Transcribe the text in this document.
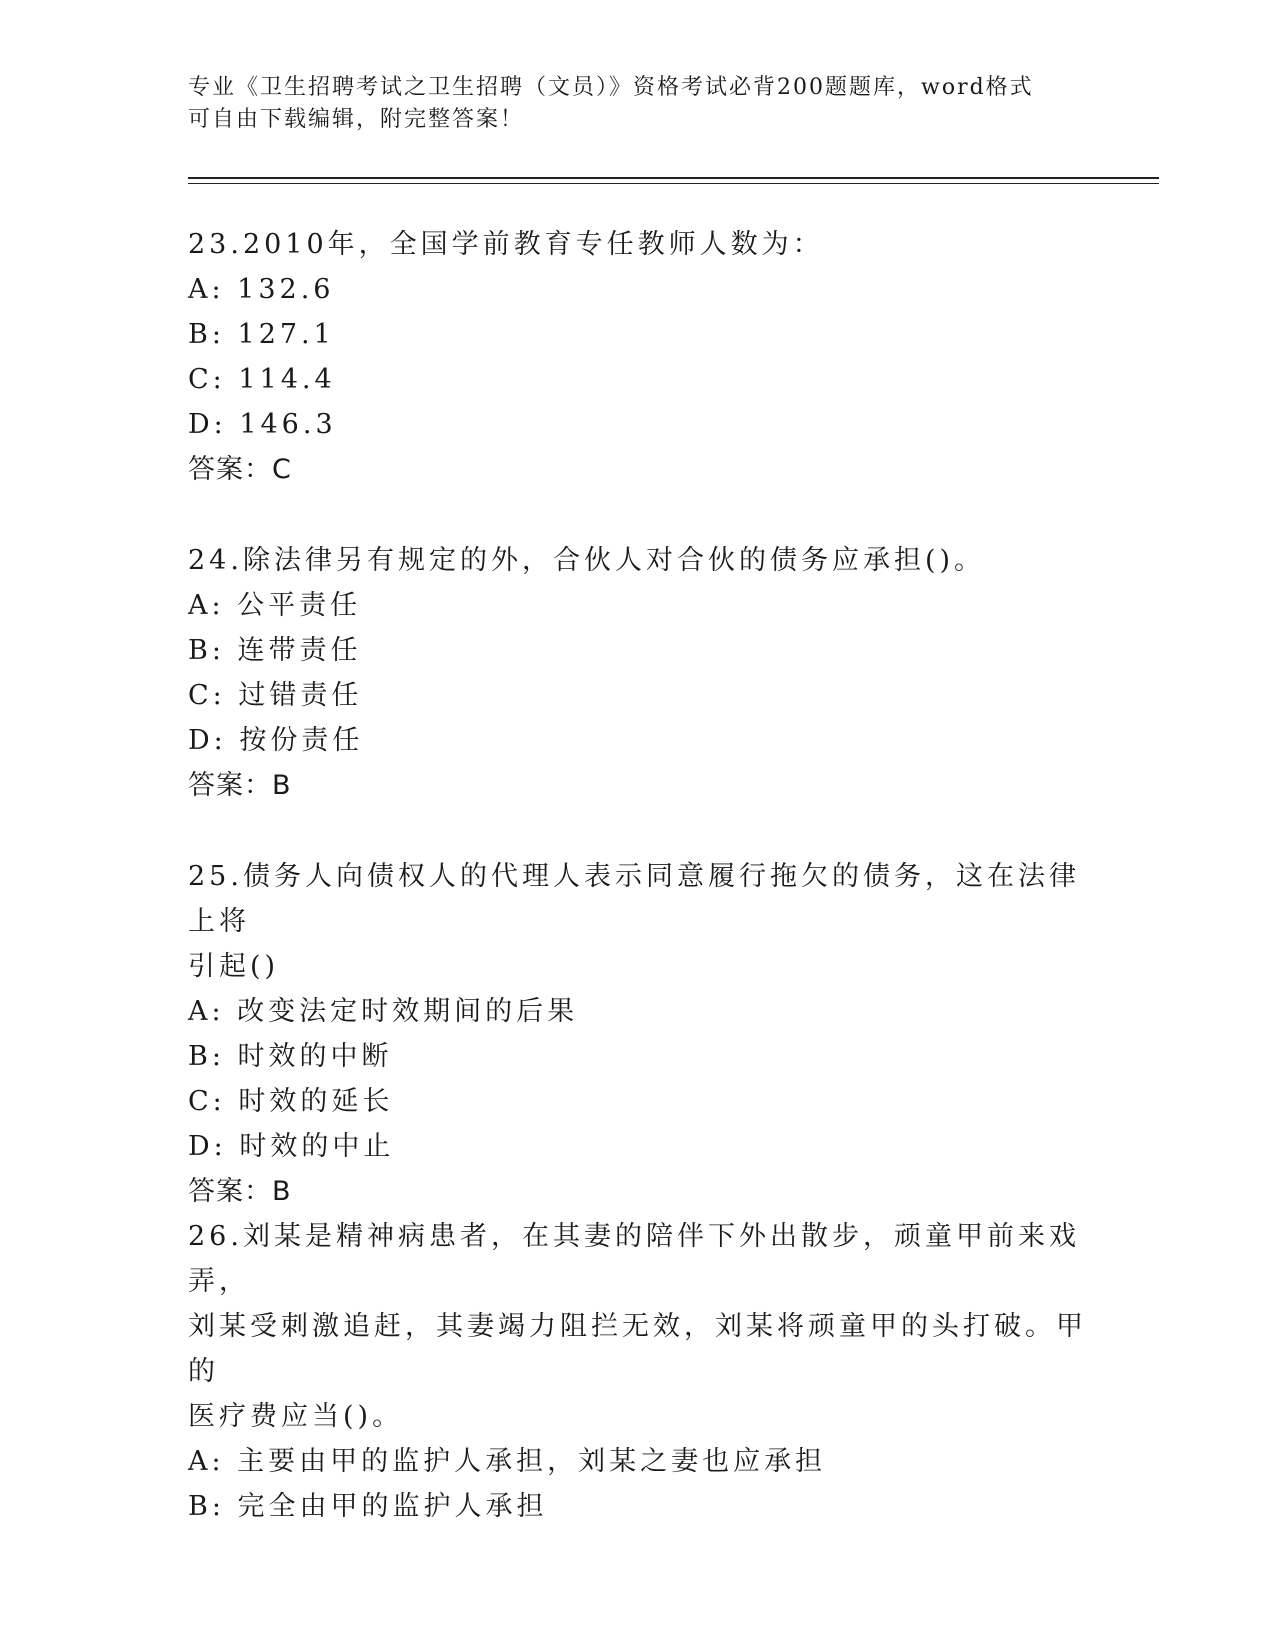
专业《卫生招聘考试之卫生招聘（文员）》资格考试必背200题题库，word格式
可自由下载编辑，附完整答案！
23.2010年，全国学前教育专任教师人数为：
A: 132.6
B: 127.1
C: 114.4
D: 146.3
答案：C
24.除法律另有规定的外，合伙人对合伙的债务应承担()。
A: 公平责任
B: 连带责任
C: 过错责任
D: 按份责任
答案：B
25.债务人向债权人的代理人表示同意履行拖欠的债务，这在法律上将
引起()
A: 改变法定时效期间的后果
B: 时效的中断
C: 时效的延长
D: 时效的中止
答案：B
26.刘某是精神病患者，在其妻的陪伴下外出散步，顽童甲前来戏弄，
刘某受刺激追赶，其妻竭力阻拦无效，刘某将顽童甲的头打破。甲的
医疗费应当()。
A: 主要由甲的监护人承担，刘某之妻也应承担
B: 完全由甲的监护人承担
